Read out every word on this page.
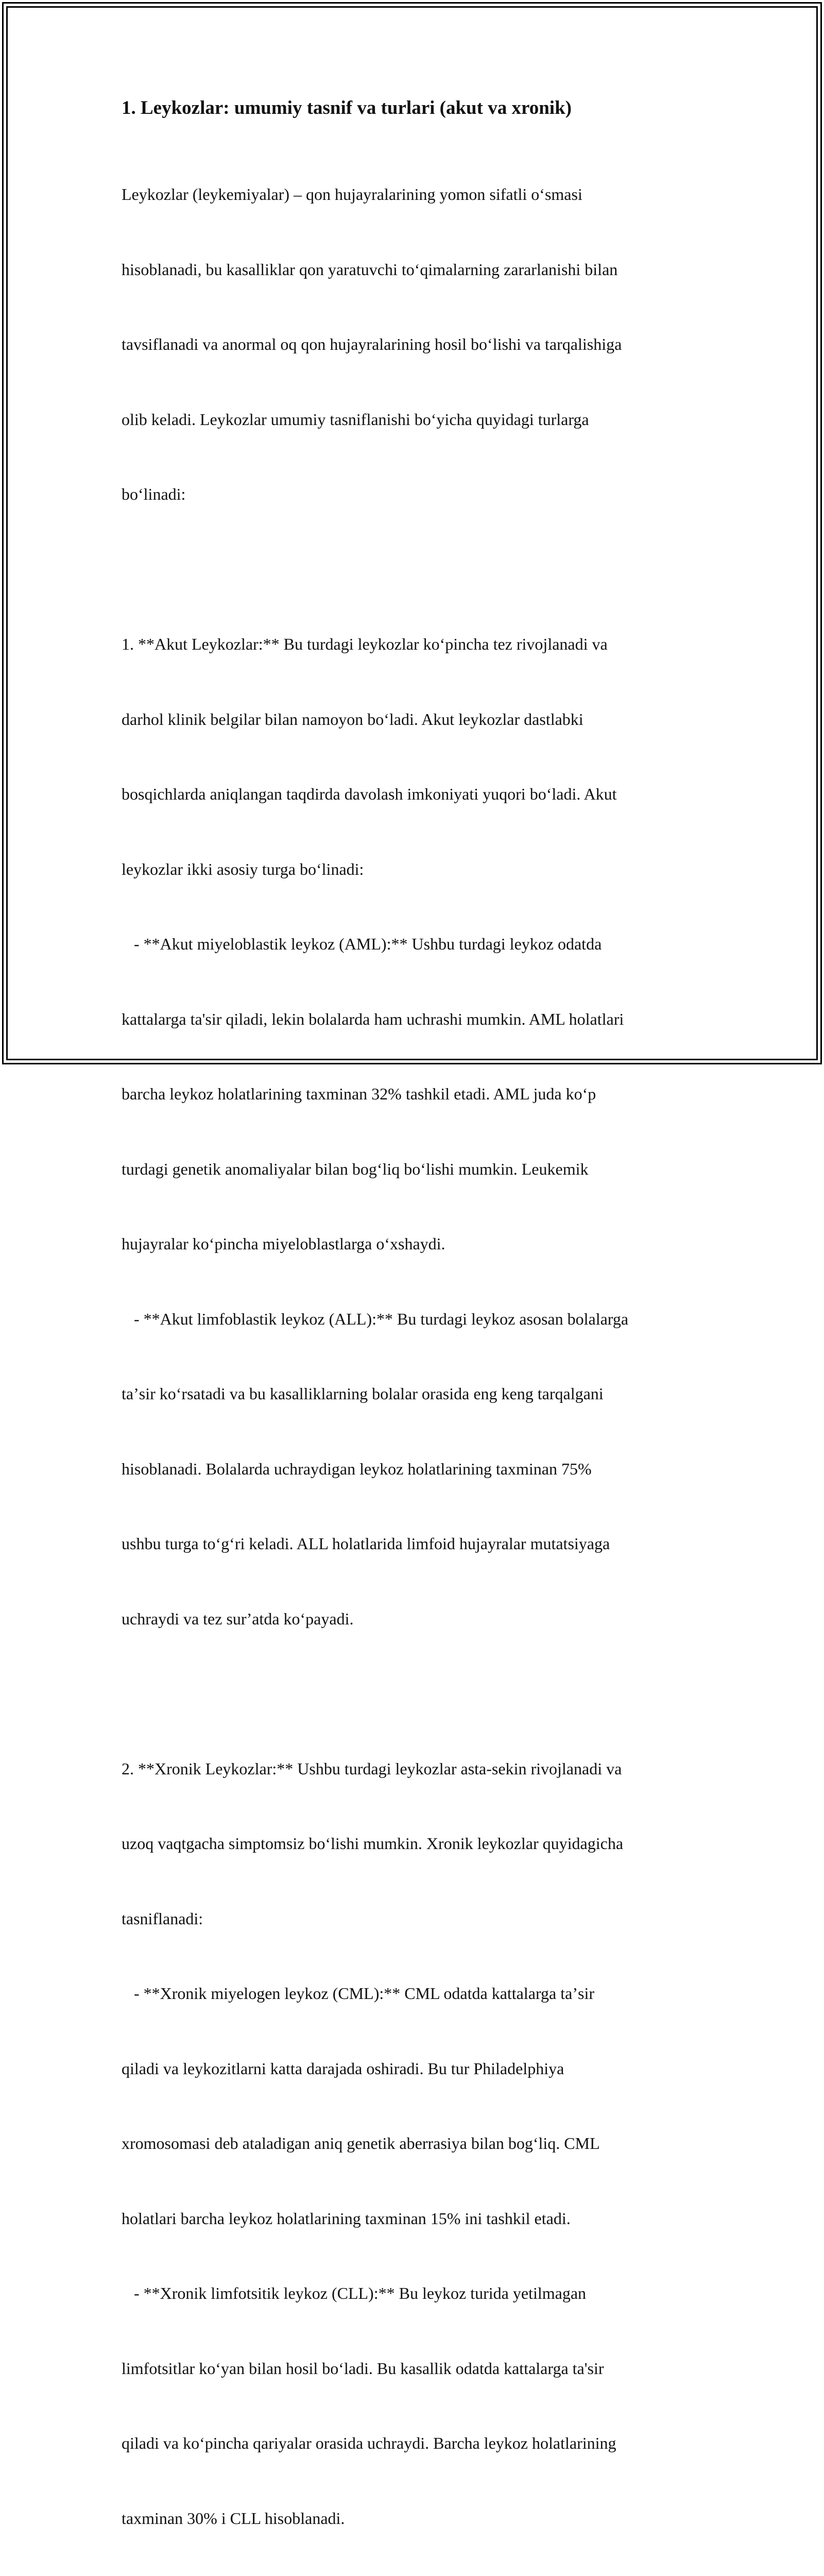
1. Leykozlar: umumiy tasnif va turlari (akut va xronik)

Leykozlar (leykemiyalar) – qon hujayralarining yomon sifatli oʻsmasi

hisoblanadi, bu kasalliklar qon yaratuvchi toʻqimalarning zararlanishi bilan

tavsiflanadi va anormal oq qon hujayralarining hosil boʻlishi va tarqalishiga

olib keladi. Leykozlar umumiy tasniflanishi boʻyicha quyidagi turlarga

boʻlinadi:

1. **Akut Leykozlar:** Bu turdagi leykozlar koʻpincha tez rivojlanadi va

darhol klinik belgilar bilan namoyon boʻladi. Akut leykozlar dastlabki

bosqichlarda aniqlangan taqdirda davolash imkoniyati yuqori boʻladi. Akut

leykozlar ikki asosiy turga boʻlinadi:

- **Akut miyeloblastik leykoz (AML):** Ushbu turdagi leykoz odatda

kattalarga ta'sir qiladi, lekin bolalarda ham uchrashi mumkin. AML holatlari

barcha leykoz holatlarining taxminan 32% tashkil etadi. AML juda koʻp

turdagi genetik anomaliyalar bilan bogʻliq boʻlishi mumkin. Leukemik

hujayralar koʻpincha miyeloblastlarga oʻxshaydi.

- **Akut limfoblastik leykoz (ALL):** Bu turdagi leykoz asosan bolalarga

taʼsir koʻrsatadi va bu kasalliklarning bolalar orasida eng keng tarqalgani

hisoblanadi. Bolalarda uchraydigan leykoz holatlarining taxminan 75%

ushbu turga toʻgʻri keladi. ALL holatlarida limfoid hujayralar mutatsiyaga

uchraydi va tez surʼatda koʻpayadi.

2. **Xronik Leykozlar:** Ushbu turdagi leykozlar asta-sekin rivojlanadi va

uzoq vaqtgacha simptomsiz boʻlishi mumkin. Xronik leykozlar quyidagicha

tasniflanadi:

- **Xronik miyelogen leykoz (CML):** CML odatda kattalarga taʼsir

qiladi va leykozitlarni katta darajada oshiradi. Bu tur Philadelphiya

xromosomasi deb ataladigan aniq genetik aberrasiya bilan bogʻliq. CML

holatlari barcha leykoz holatlarining taxminan 15% ini tashkil etadi.

- **Xronik limfotsitik leykoz (CLL):** Bu leykoz turida yetilmagan

limfotsitlar koʻyan bilan hosil boʻladi. Bu kasallik odatda kattalarga ta'sir

qiladi va koʻpincha qariyalar orasida uchraydi. Barcha leykoz holatlarining

taxminan 30% i CLL hisoblanadi.
